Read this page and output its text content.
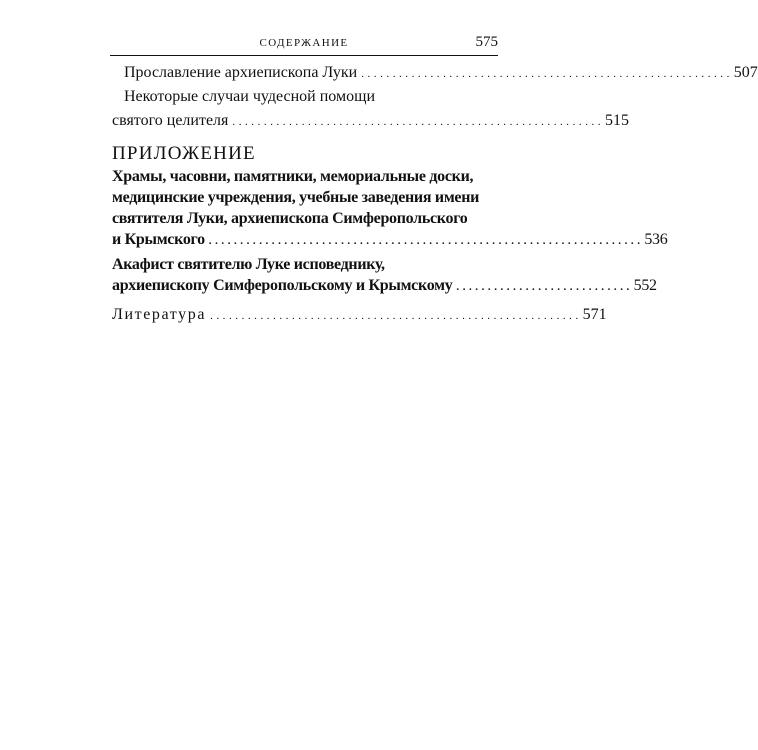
СОДЕРЖАНИЕ	575
Прославление архиепископа Луки . . . . . . . . . . . . . . . . . . . . . . . . . . . . . . . . . . . . . . . . . . . . . . . . . . . . . . . . . . . 507
Некоторые случаи чудесной помощи
святого целителя . . . . . . . . . . . . . . . . . . . . . . . . . . . . . . . . . . . . . . . . . . . . . . . . . . . . . . . . . . . 515
ПРИЛОЖЕНИЕ
Храмы, часовни, памятники, мемориальные доски,
медицинские учреждения, учебные заведения имени
святителя Луки, архиепископа Симферопольского
и Крымского . . . . . . . . . . . . . . . . . . . . . . . . . . . . . . . . . . . . . . . . . . . . . . . . . . . . . . . . . . . . . . . . . . . . . 536
Акафист святителю Луке исповеднику,
архиепископу Симферопольскому и Крымскому . . . . . . . . . . . . . . . . . . . . . . . . . . . . 552
Литература . . . . . . . . . . . . . . . . . . . . . . . . . . . . . . . . . . . . . . . . . . . . . . . . . . . . . . . . . . . 571
